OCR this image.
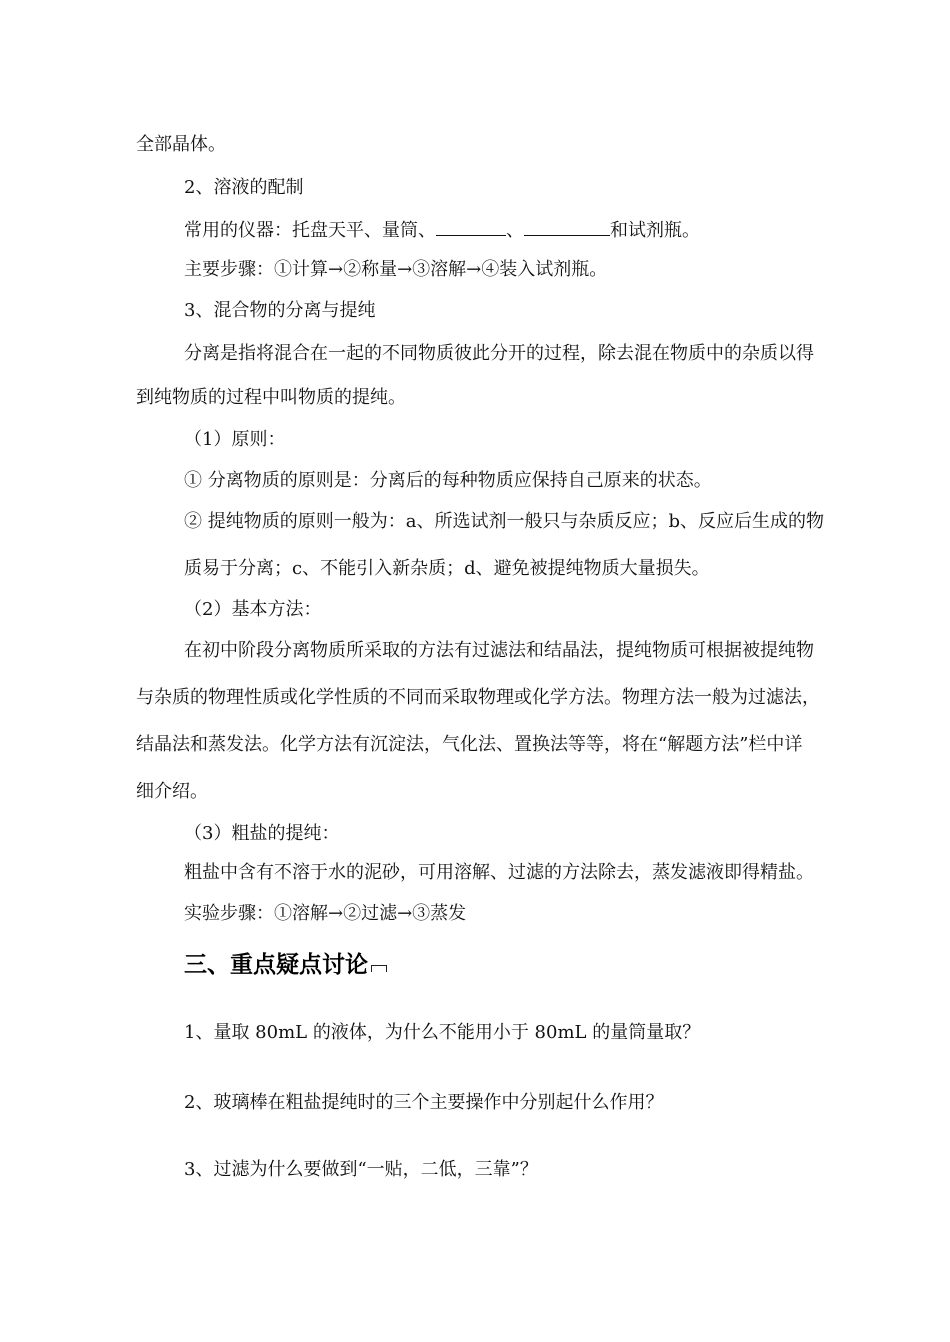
全部晶体。
2、溶液的配制
常用的仪器：托盘天平、量筒、	、	和试剂瓶。
主要步骤：①计算→②称量→③溶解→④装入试剂瓶。
3、混合物的分离与提纯
分离是指将混合在一起的不同物质彼此分开的过程，除去混在物质中的杂质以得
到纯物质的过程中叫物质的提纯。
（1）原则：
① 分离物质的原则是：分离后的每种物质应保持自己原来的状态。
② 提纯物质的原则一般为：a、所选试剂一般只与杂质反应；b、反应后生成的物
质易于分离；c、不能引入新杂质；d、避免被提纯物质大量损失。
（2）基本方法：
在初中阶段分离物质所采取的方法有过滤法和结晶法，提纯物质可根据被提纯物
与杂质的物理性质或化学性质的不同而采取物理或化学方法。物理方法一般为过滤法，
结晶法和蒸发法。化学方法有沉淀法，气化法、置换法等等，将在“解题方法”栏中详
细介绍。
（3）粗盐的提纯：
粗盐中含有不溶于水的泥砂，可用溶解、过滤的方法除去，蒸发滤液即得精盐。
实验步骤：①溶解→②过滤→③蒸发
三、重点疑点讨论
1、量取 80mL 的液体，为什么不能用小于 80mL 的量筒量取？
2、玻璃棒在粗盐提纯时的三个主要操作中分别起什么作用？
3、过滤为什么要做到“一贴，二低，三靠”？
